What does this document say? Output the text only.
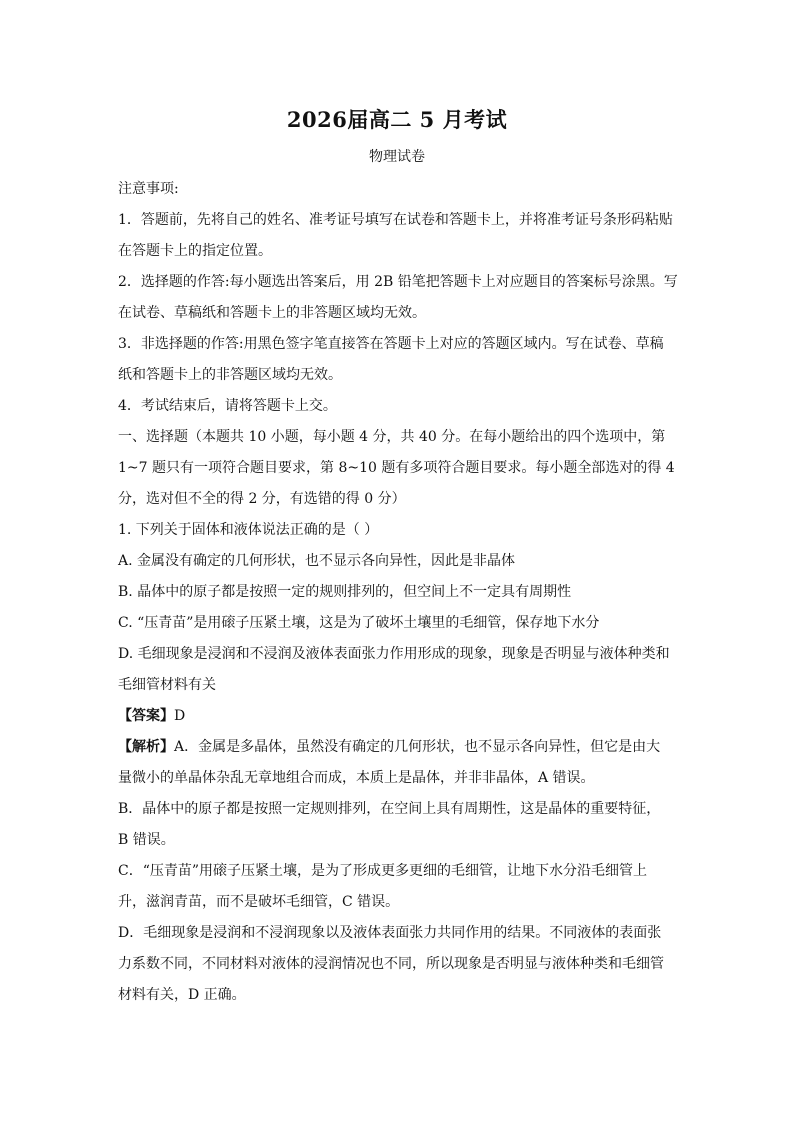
2026届高二 5 月考试
物理试卷
注意事项:
1．答题前，先将自己的姓名、准考证号填写在试卷和答题卡上，并将准考证号条形码粘贴
在答题卡上的指定位置。
2．选择题的作答:每小题选出答案后，用 2B 铅笔把答题卡上对应题目的答案标号涂黑。写
在试卷、草稿纸和答题卡上的非答题区域均无效。
3．非选择题的作答:用黑色签字笔直接答在答题卡上对应的答题区域内。写在试卷、草稿
纸和答题卡上的非答题区域均无效。
4．考试结束后，请将答题卡上交。
一、选择题（本题共 10 小题，每小题 4 分，共 40 分。在每小题给出的四个选项中，第
1~7 题只有一项符合题目要求，第 8~10 题有多项符合题目要求。每小题全部选对的得 4
分，选对但不全的得 2 分，有选错的得 0 分）
1. 下列关于固体和液体说法正确的是（ ）
A. 金属没有确定的几何形状，也不显示各向异性，因此是非晶体
B. 晶体中的原子都是按照一定的规则排列的，但空间上不一定具有周期性
C. “压青苗”是用磙子压紧土壤，这是为了破坏土壤里的毛细管，保存地下水分
D. 毛细现象是浸润和不浸润及液体表面张力作用形成的现象，现象是否明显与液体种类和
毛细管材料有关
【答案】D
【解析】A．金属是多晶体，虽然没有确定的几何形状，也不显示各向异性，但它是由大
量微小的单晶体杂乱无章地组合而成，本质上是晶体，并非非晶体，A 错误。
B．晶体中的原子都是按照一定规则排列，在空间上具有周期性，这是晶体的重要特征，
B 错误。
C．“压青苗”用磙子压紧土壤，是为了形成更多更细的毛细管，让地下水分沿毛细管上
升，滋润青苗，而不是破坏毛细管，C 错误。
D．毛细现象是浸润和不浸润现象以及液体表面张力共同作用的结果。不同液体的表面张
力系数不同，不同材料对液体的浸润情况也不同，所以现象是否明显与液体种类和毛细管
材料有关，D 正确。
